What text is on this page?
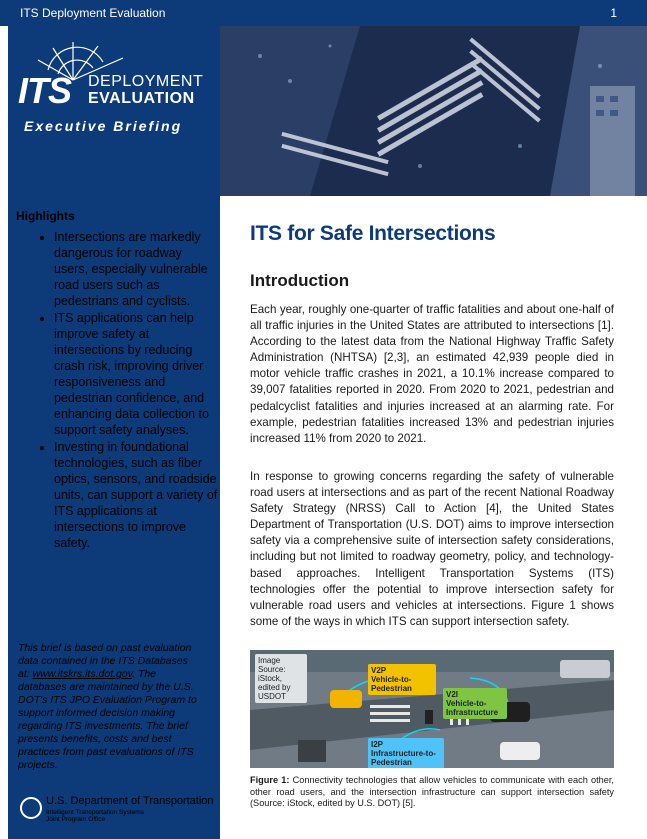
ITS Deployment Evaluation	1
ITS DEPLOYMENT
EVALUATION
Executive Briefing
Highlights
• Intersections are markedly dangerous for roadway users, especially vulnerable road users such as pedestrians and cyclists.
• ITS applications can help improve safety at intersections by reducing crash risk, improving driver responsiveness and pedestrian confidence, and enhancing data collection to support safety analyses.
• Investing in foundational technologies, such as fiber optics, sensors, and roadside units, can support a variety of ITS applications at intersections to improve safety.
This brief is based on past evaluation data contained in the ITS Databases at: www.itskrs.its.dot.gov. The databases are maintained by the U.S. DOT's ITS JPO Evaluation Program to support informed decision making regarding ITS investments. The brief presents benefits, costs and best practices from past evaluations of ITS projects.
U.S. Department of Transportation
Intelligent Transportation Systems
Joint Program Office
ITS for Safe Intersections
Introduction

Each year, roughly one-quarter of traffic fatalities and about one-half of all traffic injuries in the United States are attributed to intersections [1]. According to the latest data from the National Highway Traffic Safety Administration (NHTSA) [2,3], an estimated 42,939 people died in motor vehicle traffic crashes in 2021, a 10.1% increase compared to 39,007 fatalities reported in 2020. From 2020 to 2021, pedestrian and pedalcyclist fatalities and injuries increased at an alarming rate. For example, pedestrian fatalities increased 13% and pedestrian injuries increased 11% from 2020 to 2021.

In response to growing concerns regarding the safety of vulnerable road users at intersections and as part of the recent National Roadway Safety Strategy (NRSS) Call to Action [4], the United States Department of Transportation (U.S. DOT) aims to improve intersection safety via a comprehensive suite of intersection safety considerations, including but not limited to roadway geometry, policy, and technology-based approaches. Intelligent Transportation Systems (ITS) technologies offer the potential to improve intersection safety for vulnerable road users and vehicles at intersections. Figure 1 shows some of the ways in which ITS can support intersection safety.

Image Source: iStock, edited by USDOT
V2P
Vehicle-to-Pedestrian
V2I
Vehicle-to-Infrastructure
I2P
Infrastructure-to-Pedestrian
Figure 1: Connectivity technologies that allow vehicles to communicate with each other, other road users, and the intersection infrastructure can support intersection safety (Source: iStock, edited by U.S. DOT) [5].
